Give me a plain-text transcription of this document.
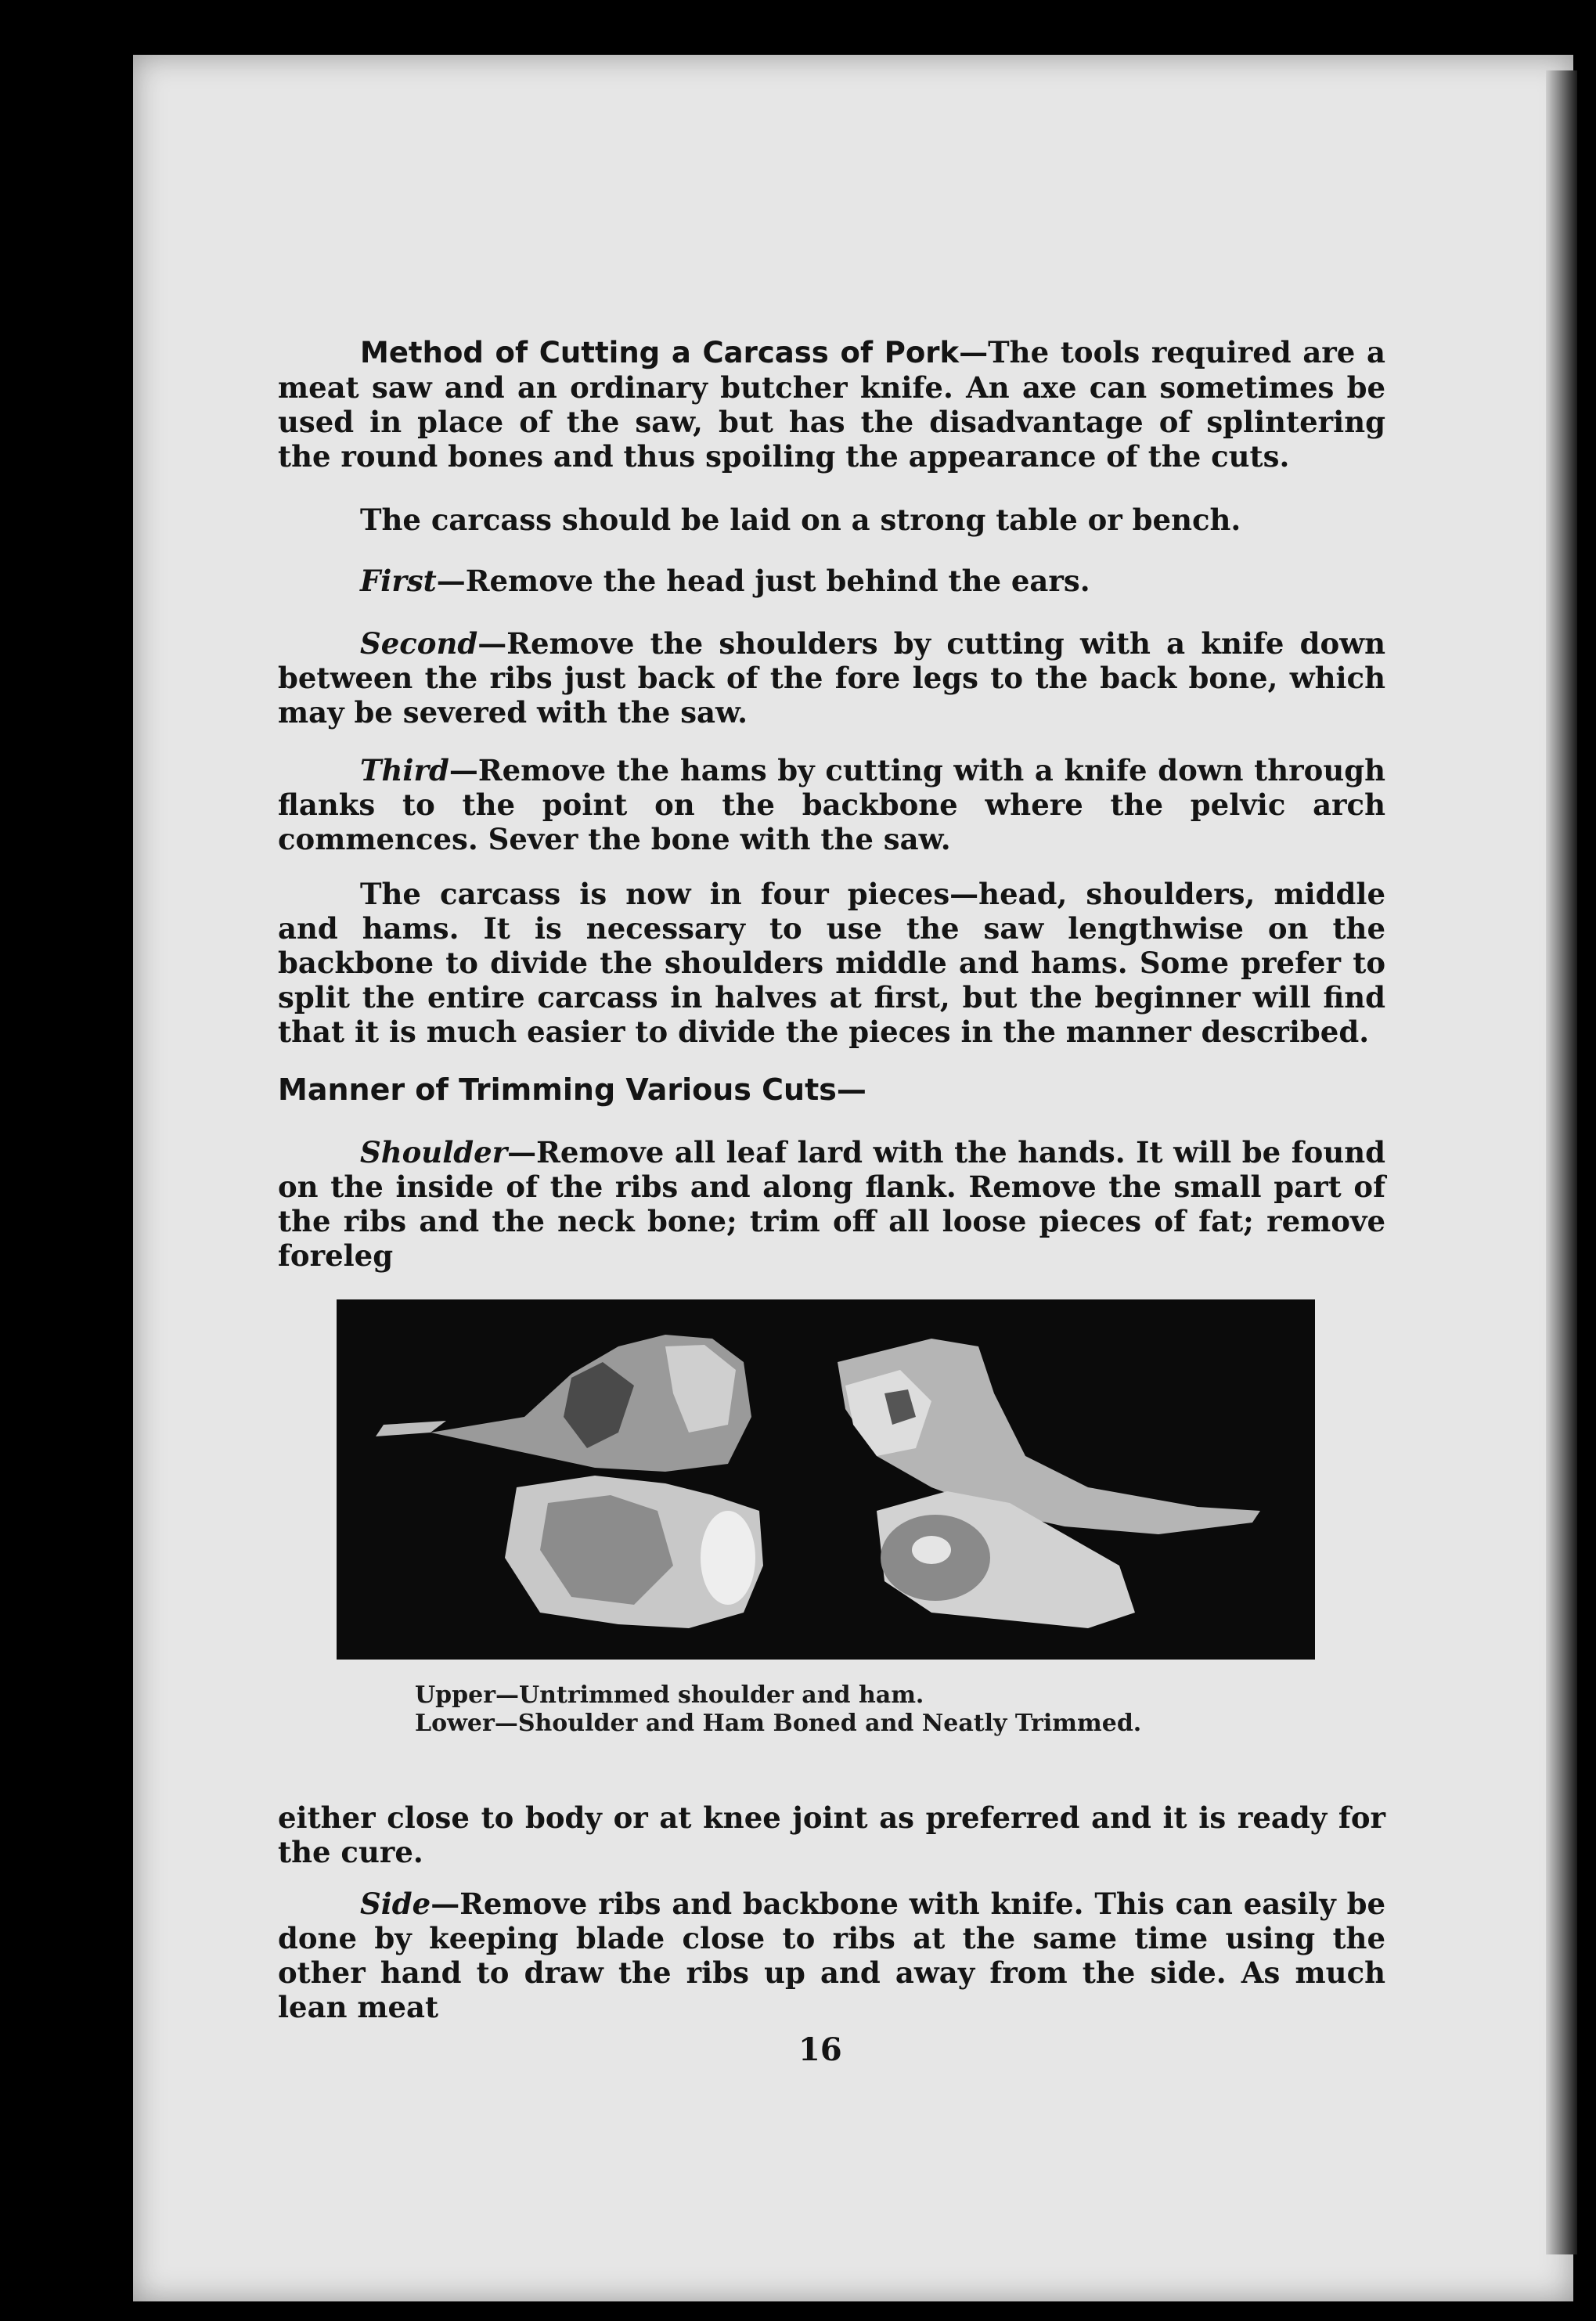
Method of Cutting a Carcass of Pork—The tools required are a meat saw and an ordinary butcher knife. An axe can sometimes be used in place of the saw, but has the disadvantage of splintering the round bones and thus spoiling the appearance of the cuts.

The carcass should be laid on a strong table or bench.

First—Remove the head just behind the ears.

Second—Remove the shoulders by cutting with a knife down between the ribs just back of the fore legs to the back bone, which may be severed with the saw.

Third—Remove the hams by cutting with a knife down through flanks to the point on the backbone where the pelvic arch commences. Sever the bone with the saw.

The carcass is now in four pieces—head, shoulders, middle and hams. It is necessary to use the saw lengthwise on the backbone to divide the shoulders middle and hams. Some prefer to split the entire carcass in halves at first, but the beginner will find that it is much easier to divide the pieces in the manner described.

Manner of Trimming Various Cuts—

Shoulder—Remove all leaf lard with the hands. It will be found on the inside of the ribs and along flank. Remove the small part of the ribs and the neck bone; trim off all loose pieces of fat; remove foreleg

either close to body or at knee joint as preferred and it is ready for the cure.

Side—Remove ribs and backbone with knife. This can easily be done by keeping blade close to ribs at the same time using the other hand to draw the ribs up and away from the side. As much lean meat

Upper—Untrimmed shoulder and ham.
Lower—Shoulder and Ham Boned and Neatly Trimmed.
16
